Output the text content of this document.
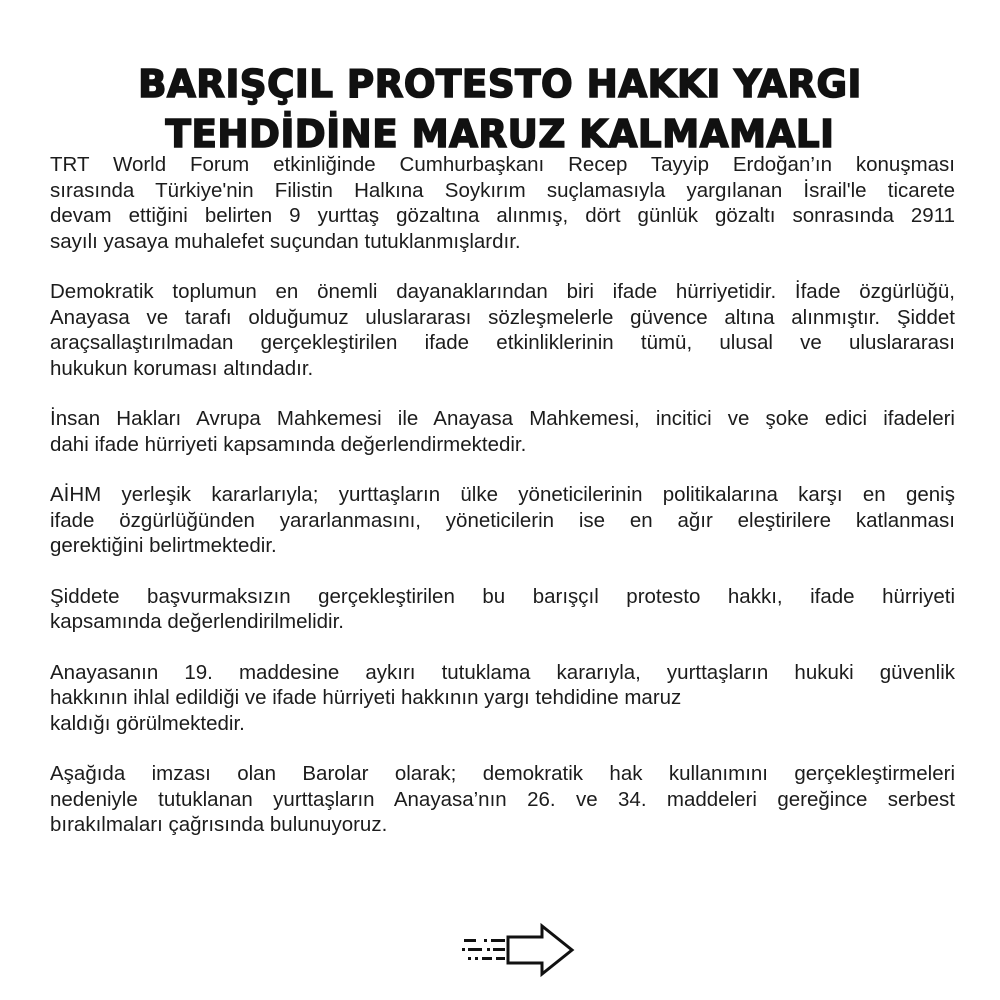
BARIŞÇIL PROTESTO HAKKI YARGI
TEHDİDİNE MARUZ KALMAMALI

TRT World Forum etkinliğinde Cumhurbaşkanı Recep Tayyip Erdoğan’ın konuşması
sırasında Türkiye'nin Filistin Halkına Soykırım suçlamasıyla yargılanan İsrail'le ticarete
devam ettiğini belirten 9 yurttaş gözaltına alınmış, dört günlük gözaltı sonrasında 2911
sayılı yasaya muhalefet suçundan tutuklanmışlardır.

Demokratik toplumun en önemli dayanaklarından biri ifade hürriyetidir. İfade özgürlüğü,
Anayasa ve tarafı olduğumuz uluslararası sözleşmelerle güvence altına alınmıştır. Şiddet
araçsallaştırılmadan gerçekleştirilen ifade etkinliklerinin tümü, ulusal ve uluslararası
hukukun koruması altındadır.

İnsan Hakları Avrupa Mahkemesi ile Anayasa Mahkemesi, incitici ve şoke edici ifadeleri
dahi ifade hürriyeti kapsamında değerlendirmektedir.

AİHM yerleşik kararlarıyla; yurttaşların ülke yöneticilerinin politikalarına karşı en geniş
ifade özgürlüğünden yararlanmasını, yöneticilerin ise en ağır eleştirilere katlanması
gerektiğini belirtmektedir.

Şiddete başvurmaksızın gerçekleştirilen bu barışçıl protesto hakkı, ifade hürriyeti
kapsamında değerlendirilmelidir.

Anayasanın 19. maddesine aykırı tutuklama kararıyla, yurttaşların hukuki güvenlik
hakkının ihlal edildiği ve ifade hürriyeti hakkının yargı tehdidine maruz
kaldığı görülmektedir.

Aşağıda imzası olan Barolar olarak; demokratik hak kullanımını gerçekleştirmeleri
nedeniyle tutuklanan yurttaşların Anayasa’nın 26. ve 34. maddeleri gereğince serbest
bırakılmaları çağrısında bulunuyoruz.
